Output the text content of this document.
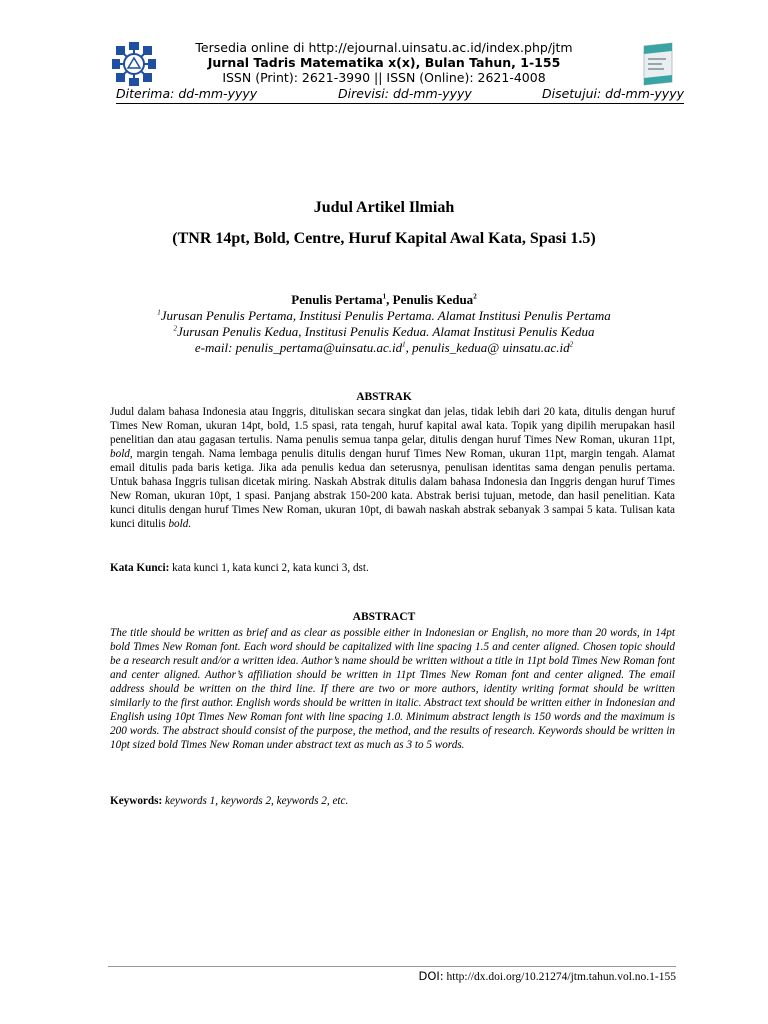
Tersedia online di http://ejournal.uinsatu.ac.id/index.php/jtm
Jurnal Tadris Matematika x(x), Bulan Tahun, 1-155
ISSN (Print): 2621-3990 || ISSN (Online): 2621-4008
Diterima: dd-mm-yyyy	Direvisi: dd-mm-yyyy	Disetujui: dd-mm-yyyy
Judul Artikel Ilmiah
(TNR 14pt, Bold, Centre, Huruf Kapital Awal Kata, Spasi 1.5)
Penulis Pertama$^1$, Penulis Kedua$^2$
$^1$Jurusan Penulis Pertama, Institusi Penulis Pertama. Alamat Institusi Penulis Pertama
$^2$Jurusan Penulis Kedua, Institusi Penulis Kedua. Alamat Institusi Penulis Kedua
e-mail: $penulis\_pertama@uinsatu.ac.id^1$, penulis_kedua@ $uinsatu.ac.id^2$
ABSTRAK
Judul dalam bahasa Indonesia atau Inggris, dituliskan secara singkat dan jelas, tidak lebih dari 20 kata, ditulis dengan huruf Times New Roman, ukuran 14pt, bold, 1.5 spasi, rata tengah, huruf kapital awal kata. Topik yang dipilih merupakan hasil penelitian dan atau gagasan tertulis. Nama penulis semua tanpa gelar, ditulis dengan huruf Times New Roman, ukuran 11pt, bold, margin tengah. Nama lembaga penulis ditulis dengan huruf Times New Roman, ukuran 11pt, margin tengah. Alamat email ditulis pada baris ketiga. Jika ada penulis kedua dan seterusnya, penulisan identitas sama dengan penulis pertama. Untuk bahasa Inggris tulisan dicetak miring. Naskah Abstrak ditulis dalam bahasa Indonesia dan Inggris dengan huruf Times New Roman, ukuran 10pt, 1 spasi. Panjang abstrak 150-200 kata. Abstrak berisi tujuan, metode, dan hasil penelitian. Kata kunci ditulis dengan huruf Times New Roman, ukuran 10pt, di bawah naskah abstrak sebanyak 3 sampai 5 kata. Tulisan kata kunci ditulis bold.
Kata Kunci: kata kunci 1, kata kunci 2, kata kunci 3, dst.
ABSTRACT
The title should be written as brief and as clear as possible either in Indonesian or English, no more than 20 words, in 14pt bold Times New Roman font. Each word should be capitalized with line spacing 1.5 and center aligned. Chosen topic should be a research result and/or a written idea. Author’s name should be written without a title in 11pt bold Times New Roman font and center aligned. Author’s affiliation should be written in 11pt Times New Roman font and center aligned. The email address should be written on the third line. If there are two or more authors, identity writing format should be written similarly to the first author. English words should be written in italic. Abstract text should be written either in Indonesian and English using 10pt Times New Roman font with line spacing 1.0. Minimum abstract length is 150 words and the maximum is 200 words. The abstract should consist of the purpose, the method, and the results of research. Keywords should be written in 10pt sized bold Times New Roman under abstract text as much as 3 to 5 words.
Keywords: keywords 1, keywords 2, keywords 2, etc.
DOI: http://dx.doi.org/10.21274/jtm.tahun.vol.no.1-155
